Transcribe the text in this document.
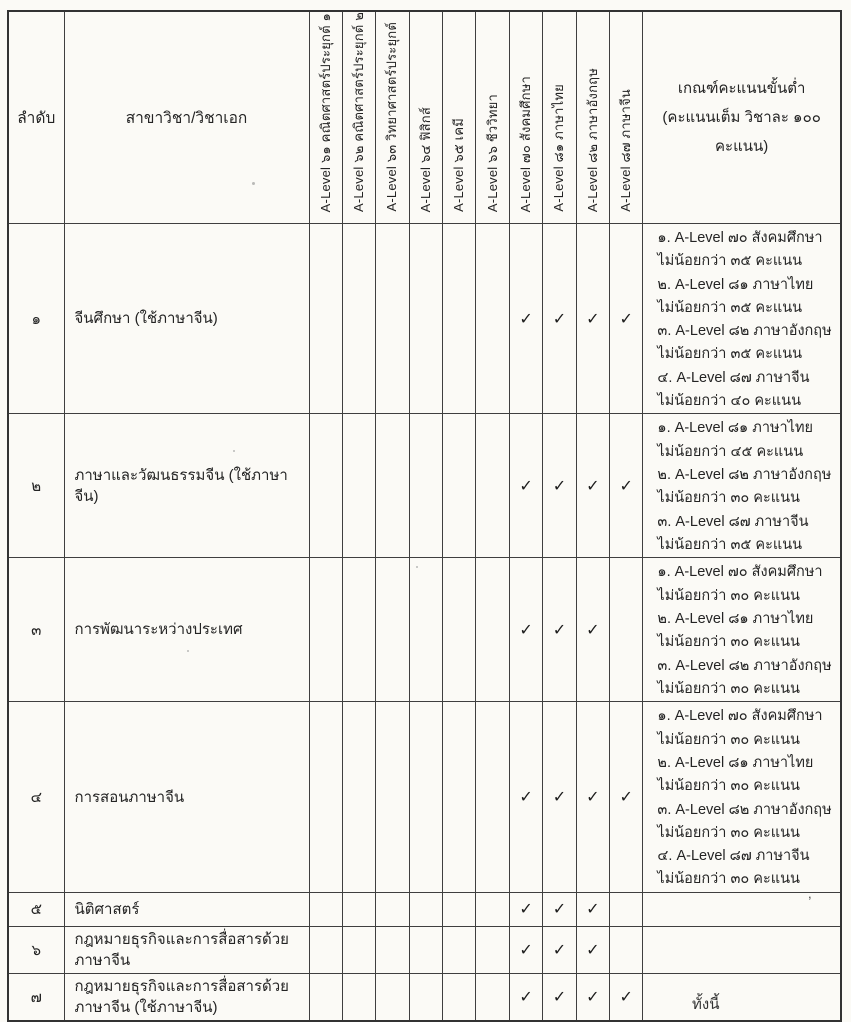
ลำดับ	สาขาวิชา/วิชาเอก	A-Level ๖๑ คณิตศาสตร์ประยุกต์ ๑	A-Level ๖๒ คณิตศาสตร์ประยุกต์ ๒	A-Level ๖๓ วิทยาศาสตร์ประยุกต์	A-Level ๖๔ ฟิสิกส์	A-Level ๖๕ เคมี	A-Level ๖๖ ชีววิทยา	A-Level ๗๐ สังคมศึกษา	A-Level ๘๑ ภาษาไทย	A-Level ๘๒ ภาษาอังกฤษ	A-Level ๘๗ ภาษาจีน	เกณฑ์คะแนนขั้นต่ำ
(คะแนนเต็ม วิชาละ ๑๐๐ คะแนน)

๑	จีนศึกษา (ใช้ภาษาจีน)							✓	✓	✓	✓	
๑. A-Level ๗๐ สังคมศึกษา
ไม่น้อยกว่า ๓๕ คะแนน
๒. A-Level ๘๑ ภาษาไทย
ไม่น้อยกว่า ๓๕ คะแนน
๓. A-Level ๘๒ ภาษาอังกฤษ
ไม่น้อยกว่า ๓๕ คะแนน
๔. A-Level ๘๗ ภาษาจีน
ไม่น้อยกว่า ๔๐ คะแนน

๒	ภาษาและวัฒนธรรมจีน (ใช้ภาษาจีน)							✓	✓	✓	✓	
๑. A-Level ๘๑ ภาษาไทย
ไม่น้อยกว่า ๔๕ คะแนน
๒. A-Level ๘๒ ภาษาอังกฤษ
ไม่น้อยกว่า ๓๐ คะแนน
๓. A-Level ๘๗ ภาษาจีน
ไม่น้อยกว่า ๓๕ คะแนน

๓	การพัฒนาระหว่างประเทศ							✓	✓	✓		
๑. A-Level ๗๐ สังคมศึกษา
ไม่น้อยกว่า ๓๐ คะแนน
๒. A-Level ๘๑ ภาษาไทย
ไม่น้อยกว่า ๓๐ คะแนน
๓. A-Level ๘๒ ภาษาอังกฤษ
ไม่น้อยกว่า ๓๐ คะแนน

๔	การสอนภาษาจีน							✓	✓	✓	✓	
๑. A-Level ๗๐ สังคมศึกษา
ไม่น้อยกว่า ๓๐ คะแนน
๒. A-Level ๘๑ ภาษาไทย
ไม่น้อยกว่า ๓๐ คะแนน
๓. A-Level ๘๒ ภาษาอังกฤษ
ไม่น้อยกว่า ๓๐ คะแนน
๔. A-Level ๘๗ ภาษาจีน
ไม่น้อยกว่า ๓๐ คะแนน

๕	นิติศาสตร์							✓	✓	✓		
๖	กฎหมายธุรกิจและการสื่อสารด้วยภาษาจีน							✓	✓	✓		
๗	กฎหมายธุรกิจและการสื่อสารด้วยภาษาจีน (ใช้ภาษาจีน)							✓	✓	✓	✓	
,
ทั้งนี้
